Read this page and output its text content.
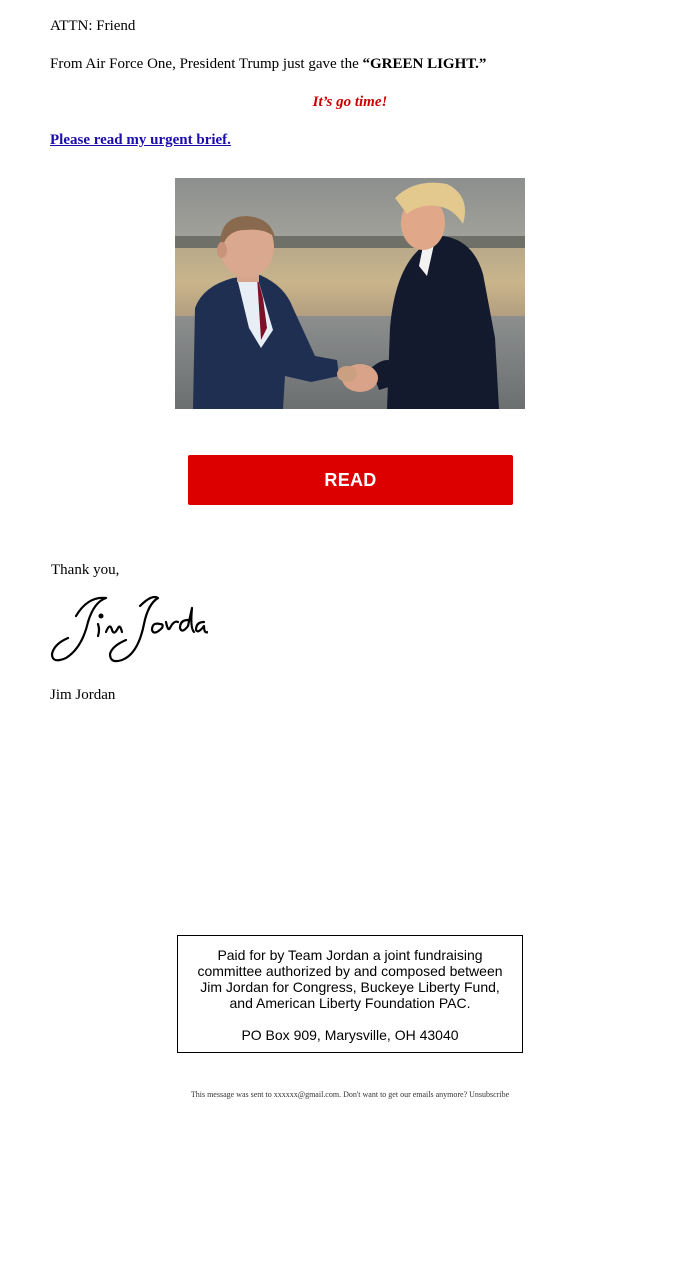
ATTN: Friend
From Air Force One, President Trump just gave the “GREEN LIGHT.”
It’s go time!
Please read my urgent brief.
READ
Thank you,
Jim Jordan
Paid for by Team Jordan a joint fundraising committee authorized by and composed between Jim Jordan for Congress, Buckeye Liberty Fund, and American Liberty Foundation PAC.
PO Box 909, Marysville, OH 43040
This message was sent to xxxxxx@gmail.com. Don't want to get our emails anymore? Unsubscribe
